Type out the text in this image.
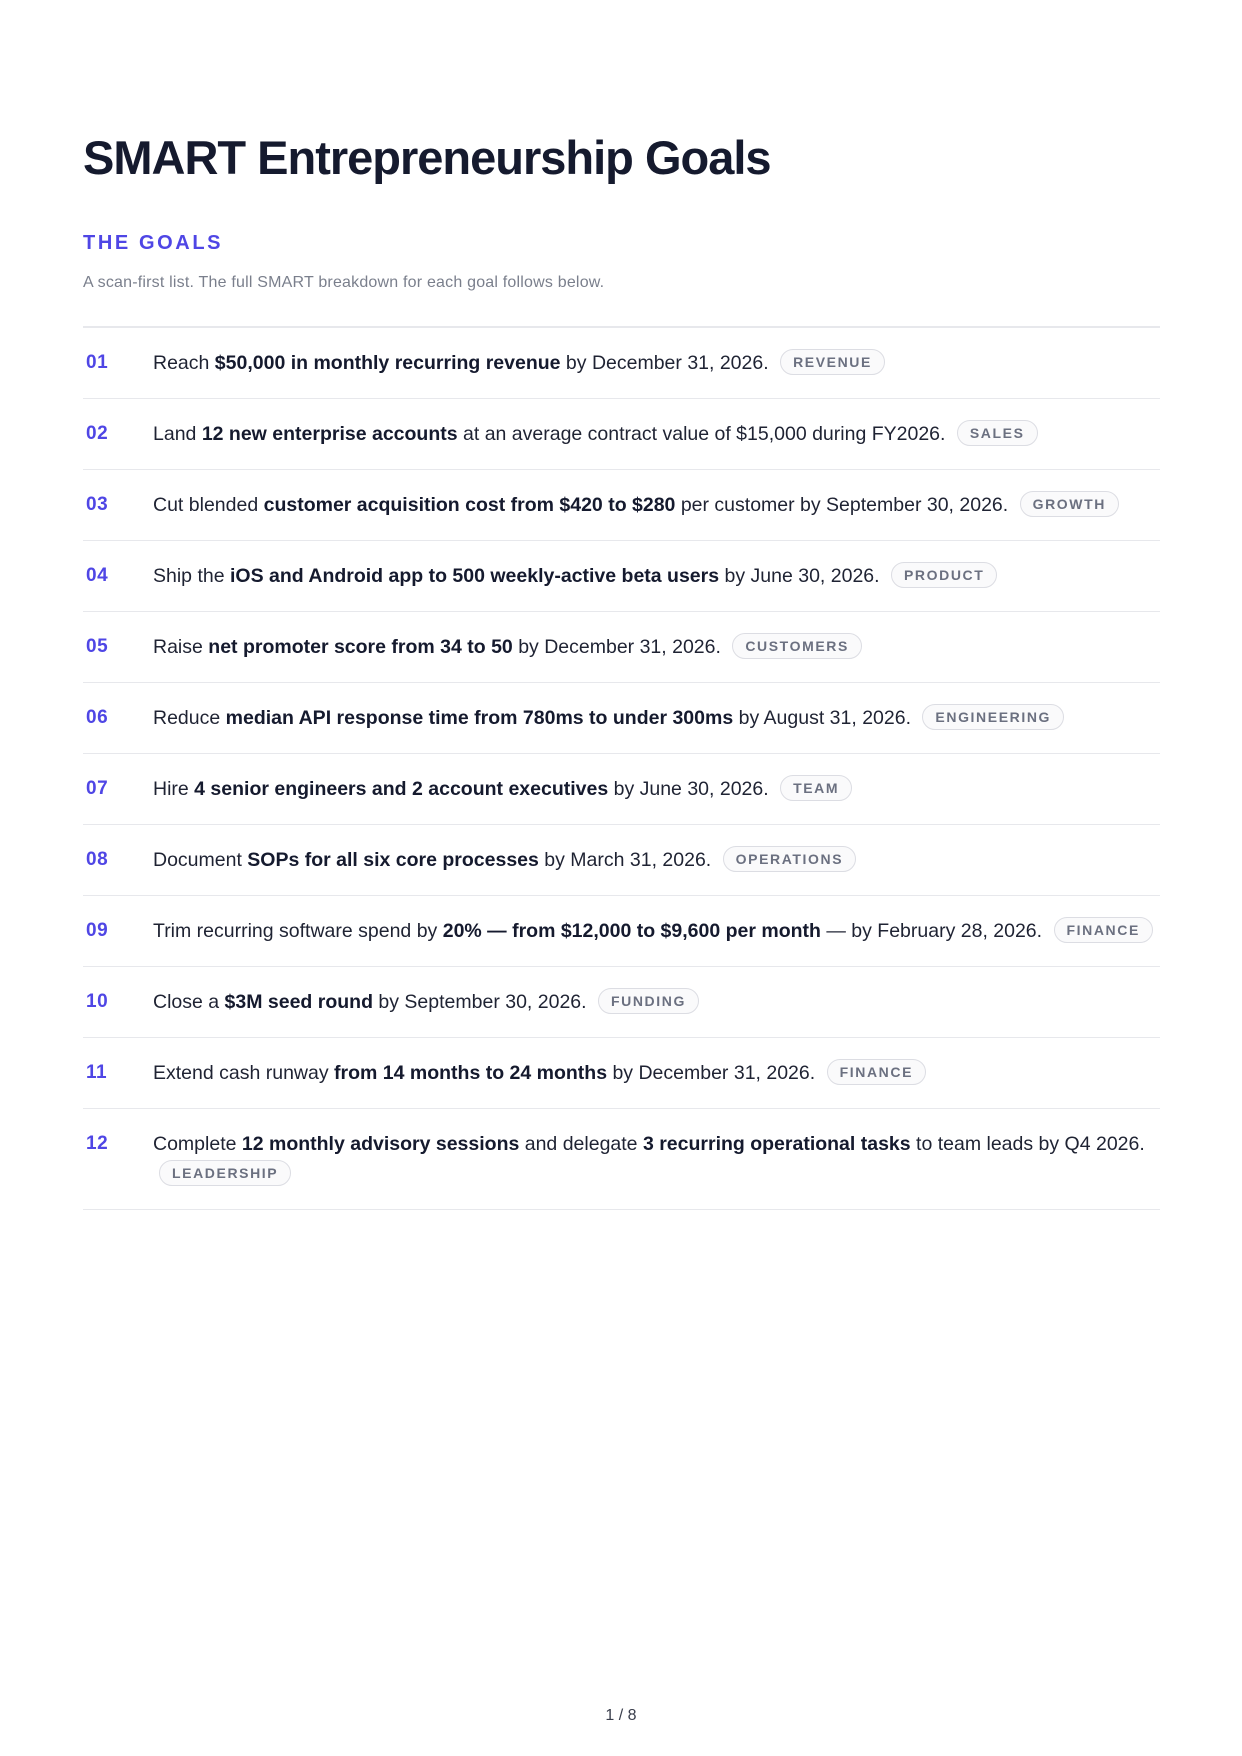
SMART Entrepreneurship Goals
THE GOALS
A scan-first list. The full SMART breakdown for each goal follows below.
01	Reach $50,000 in monthly recurring revenue by December 31, 2026. REVENUE
02	Land 12 new enterprise accounts at an average contract value of $15,000 during FY2026. SALES
03	Cut blended customer acquisition cost from $420 to $280 per customer by September 30, 2026. GROWTH
04	Ship the iOS and Android app to 500 weekly-active beta users by June 30, 2026. PRODUCT
05	Raise net promoter score from 34 to 50 by December 31, 2026. CUSTOMERS
06	Reduce median API response time from 780ms to under 300ms by August 31, 2026. ENGINEERING
07	Hire 4 senior engineers and 2 account executives by June 30, 2026. TEAM
08	Document SOPs for all six core processes by March 31, 2026. OPERATIONS
09	Trim recurring software spend by 20% — from $12,000 to $9,600 per month — by February 28, 2026. FINANCE
10	Close a $3M seed round by September 30, 2026. FUNDING
11	Extend cash runway from 14 months to 24 months by December 31, 2026. FINANCE
12	Complete 12 monthly advisory sessions and delegate 3 recurring operational tasks to team leads by Q4 2026. LEADERSHIP
1 / 8
